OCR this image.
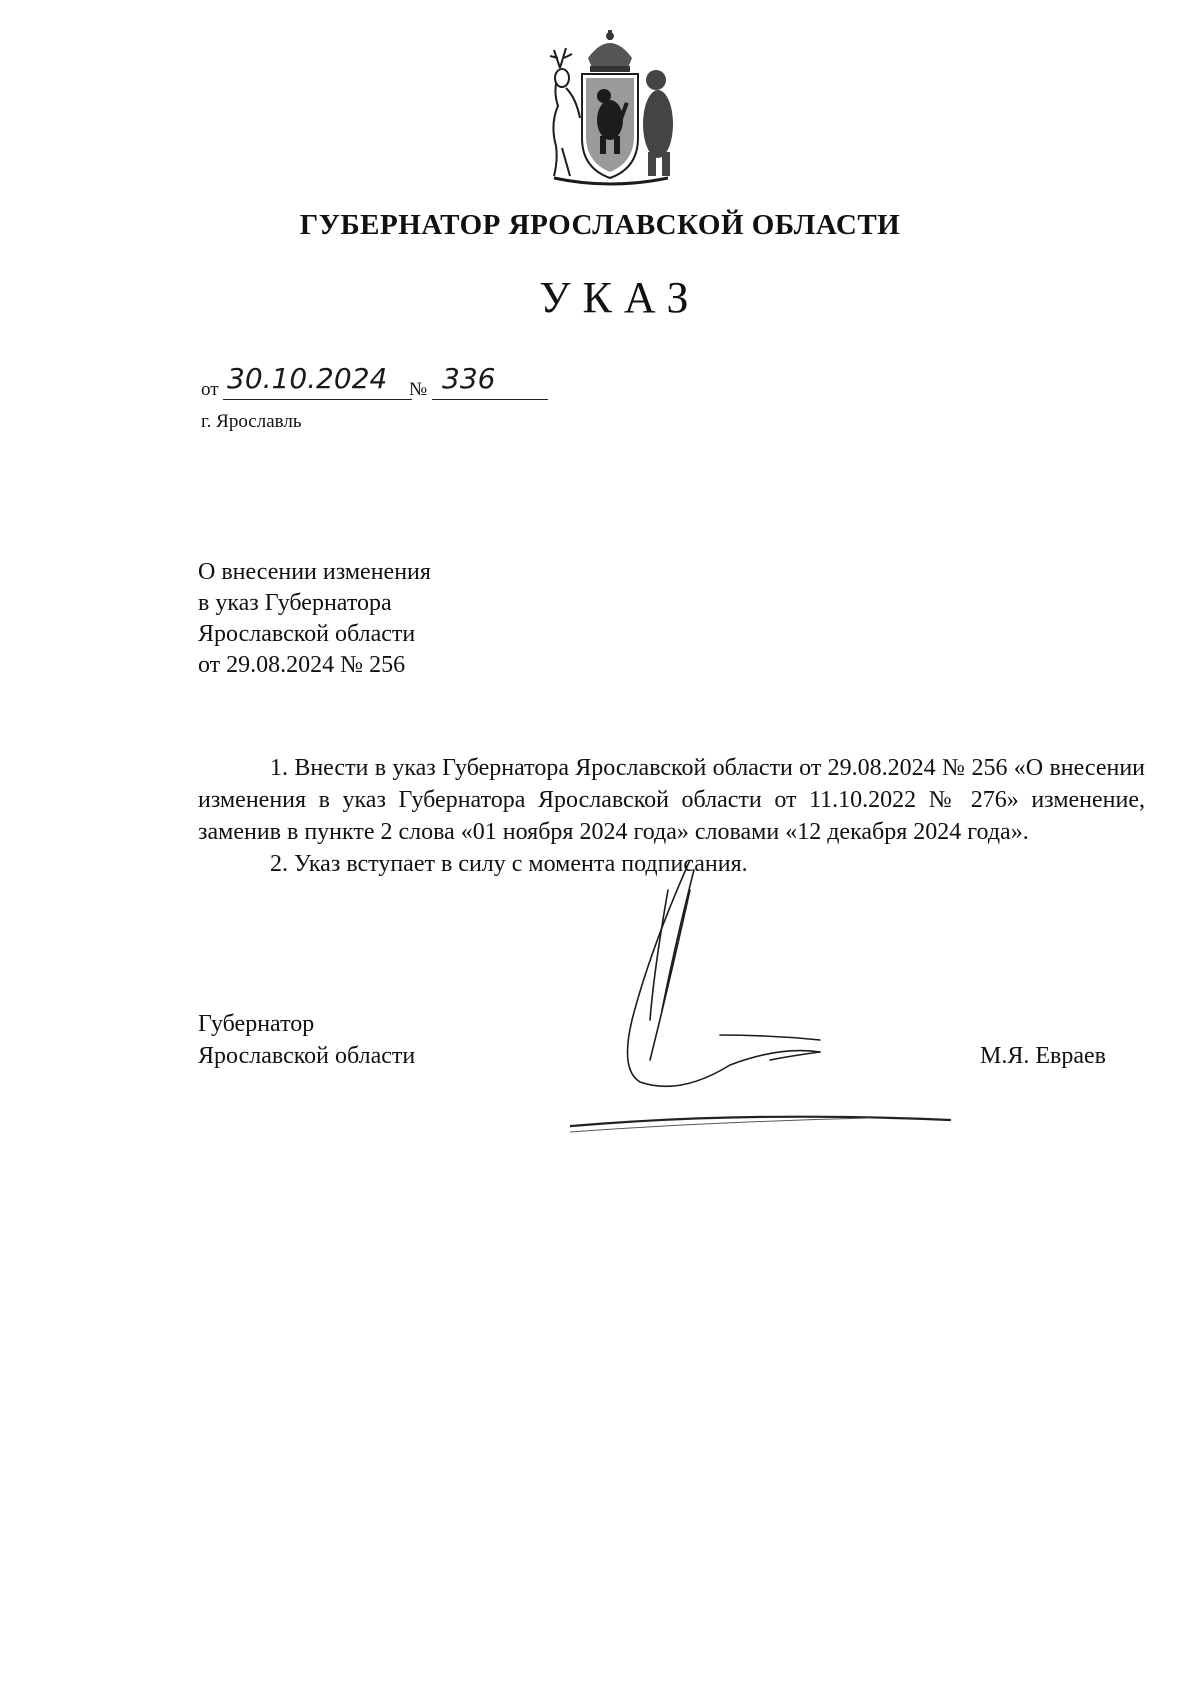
ГУБЕРНАТОР ЯРОСЛАВСКОЙ ОБЛАСТИ
УКАЗ
от 30.10.2024	№ 336
г. Ярославль
О внесении изменения
в указ Губернатора
Ярославской области
от 29.08.2024 № 256

1. Внести в указ Губернатора Ярославской области от 29.08.2024 № 256 «О внесении изменения в указ Губернатора Ярославской области от 11.10.2022 № 276» изменение, заменив в пункте 2 слова «01 ноября 2024 года» словами «12 декабря 2024 года».

2. Указ вступает в силу с момента подписания.

Губернатор
Ярославской области	М.Я. Евраев
